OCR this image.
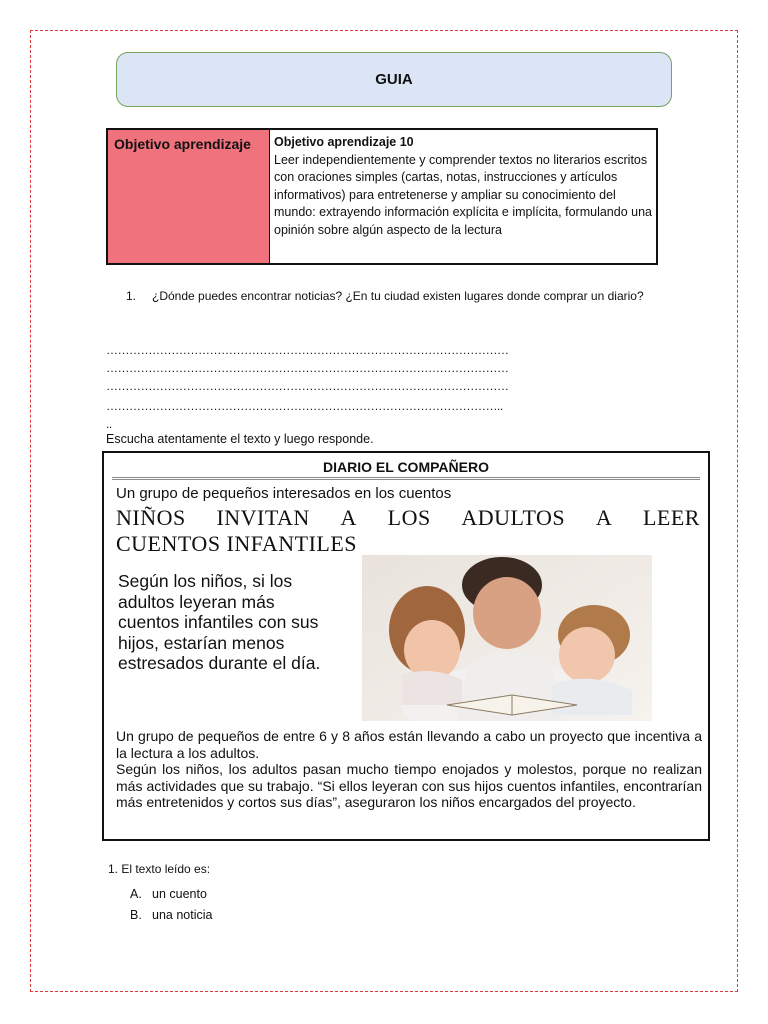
GUIA
Objetivo aprendizaje	Objetivo aprendizaje 10
Leer independientemente y comprender textos no literarios escritos con oraciones simples (cartas, notas, instrucciones y artículos informativos) para entretenerse y ampliar su conocimiento del mundo: extrayendo información explícita e implícita, formulando una opinión sobre algún aspecto de la lectura
1. ¿Dónde puedes encontrar noticias? ¿En tu ciudad existen lugares donde comprar un diario?
……………………………………………………………………………………………
……………………………………………………………………………………………
……………………………………………………………………………………………
…………………………………………………………………………………………..
..
Escucha atentamente el texto y luego responde.
DIARIO EL COMPAÑERO
Un grupo de pequeños interesados en los cuentos
NIÑOS INVITAN A LOS ADULTOS A LEER
CUENTOS INFANTILES
Según los niños, si los adultos leyeran más cuentos infantiles con sus hijos, estarían menos estresados durante el día.
Un grupo de pequeños de entre 6 y 8 años están llevando a cabo un proyecto que incentiva a la lectura a los adultos.
Según los niños, los adultos pasan mucho tiempo enojados y molestos, porque no realizan más actividades que su trabajo. “Si ellos leyeran con sus hijos cuentos infantiles, encontrarían más entretenidos y cortos sus días”, aseguraron los niños encargados del proyecto.
1. El texto leído es:
A. un cuento
B. una noticia
